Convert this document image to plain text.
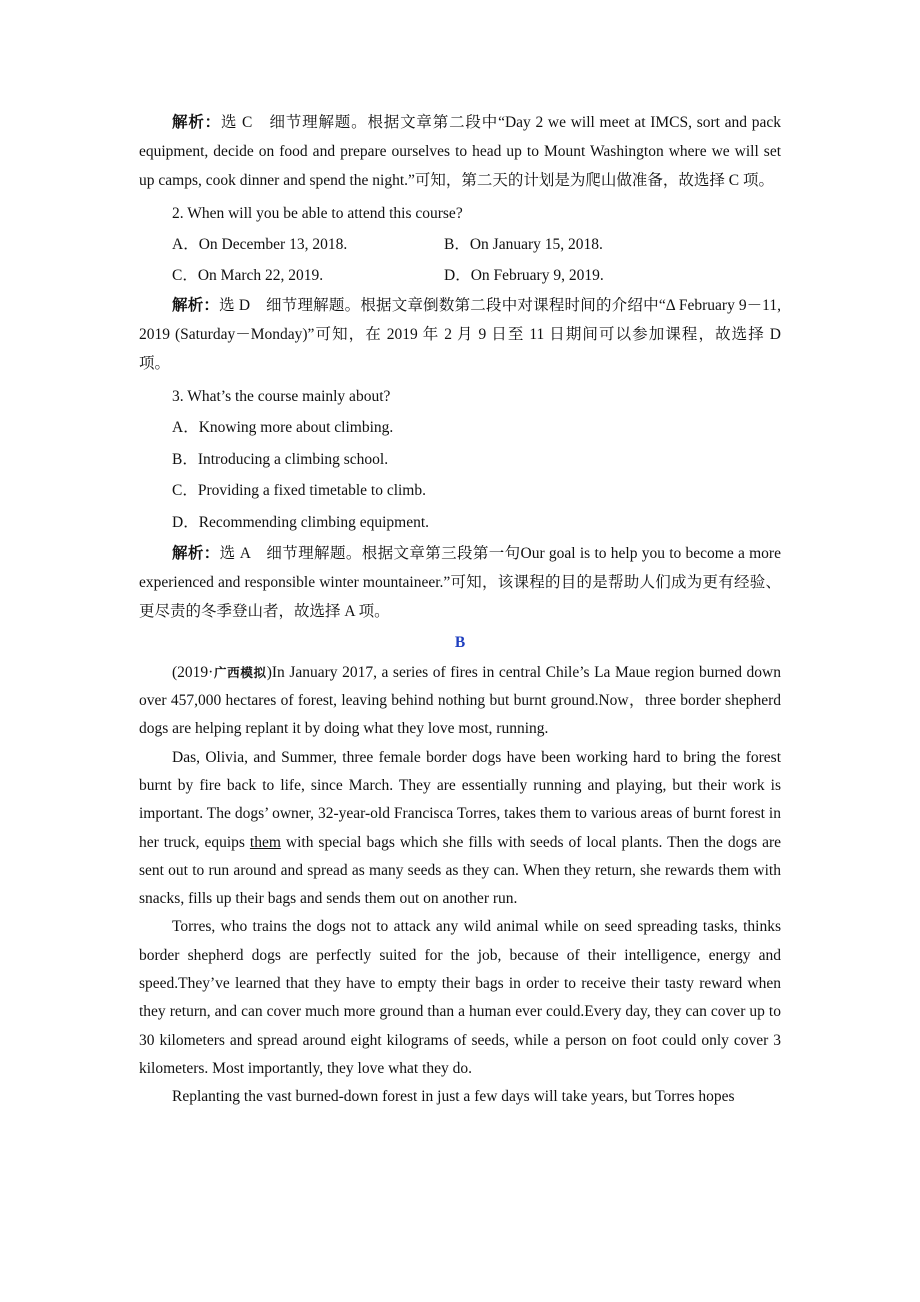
解析：选 C　细节理解题。根据文章第二段中“Day 2 we will meet at IMCS, sort and pack equipment, decide on food and prepare ourselves to head up to Mount Washington where we will set up camps, cook dinner and spend the night.”可知，第二天的计划是为爬山做准备，故选择 C 项。

2. When will you be able to attend this course?

A．On December 13, 2018.	B．On January 15, 2018.
C．On March 22, 2019.	D．On February 9, 2019.

解析：选 D　细节理解题。根据文章倒数第二段中对课程时间的介绍中“Δ February 9－11, 2019 (Saturday－Monday)”可知，在 2019 年 2 月 9 日至 11 日期间可以参加课程，故选择 D 项。

3. What’s the course mainly about?

A．Knowing more about climbing.

B．Introducing a climbing school.

C．Providing a fixed timetable to climb.

D．Recommending climbing equipment.

解析：选 A　细节理解题。根据文章第三段第一句Our goal is to help you to become a more experienced and responsible winter mountaineer.”可知，该课程的目的是帮助人们成为更有经验、更尽责的冬季登山者，故选择 A 项。

B

(2019·广西模拟)In January 2017, a series of fires in central Chile’s La Maue region burned down over 457,000 hectares of forest, leaving behind nothing but burnt ground.Now，three border shepherd dogs are helping replant it by doing what they love most, running.

Das, Olivia, and Summer, three female border dogs have been working hard to bring the forest burnt by fire back to life, since March. They are essentially running and playing, but their work is important. The dogs’ owner, 32-year-old Francisca Torres, takes them to various areas of burnt forest in her truck, equips them with special bags which she fills with seeds of local plants. Then the dogs are sent out to run around and spread as many seeds as they can. When they return, she rewards them with snacks, fills up their bags and sends them out on another run.

Torres, who trains the dogs not to attack any wild animal while on seed spreading tasks, thinks border shepherd dogs are perfectly suited for the job, because of their intelligence, energy and speed.They’ve learned that they have to empty their bags in order to receive their tasty reward when they return, and can cover much more ground than a human ever could.Every day, they can cover up to 30 kilometers and spread around eight kilograms of seeds, while a person on foot could only cover 3 kilometers. Most importantly, they love what they do.

Replanting the vast burned-down forest in just a few days will take years, but Torres hopes
